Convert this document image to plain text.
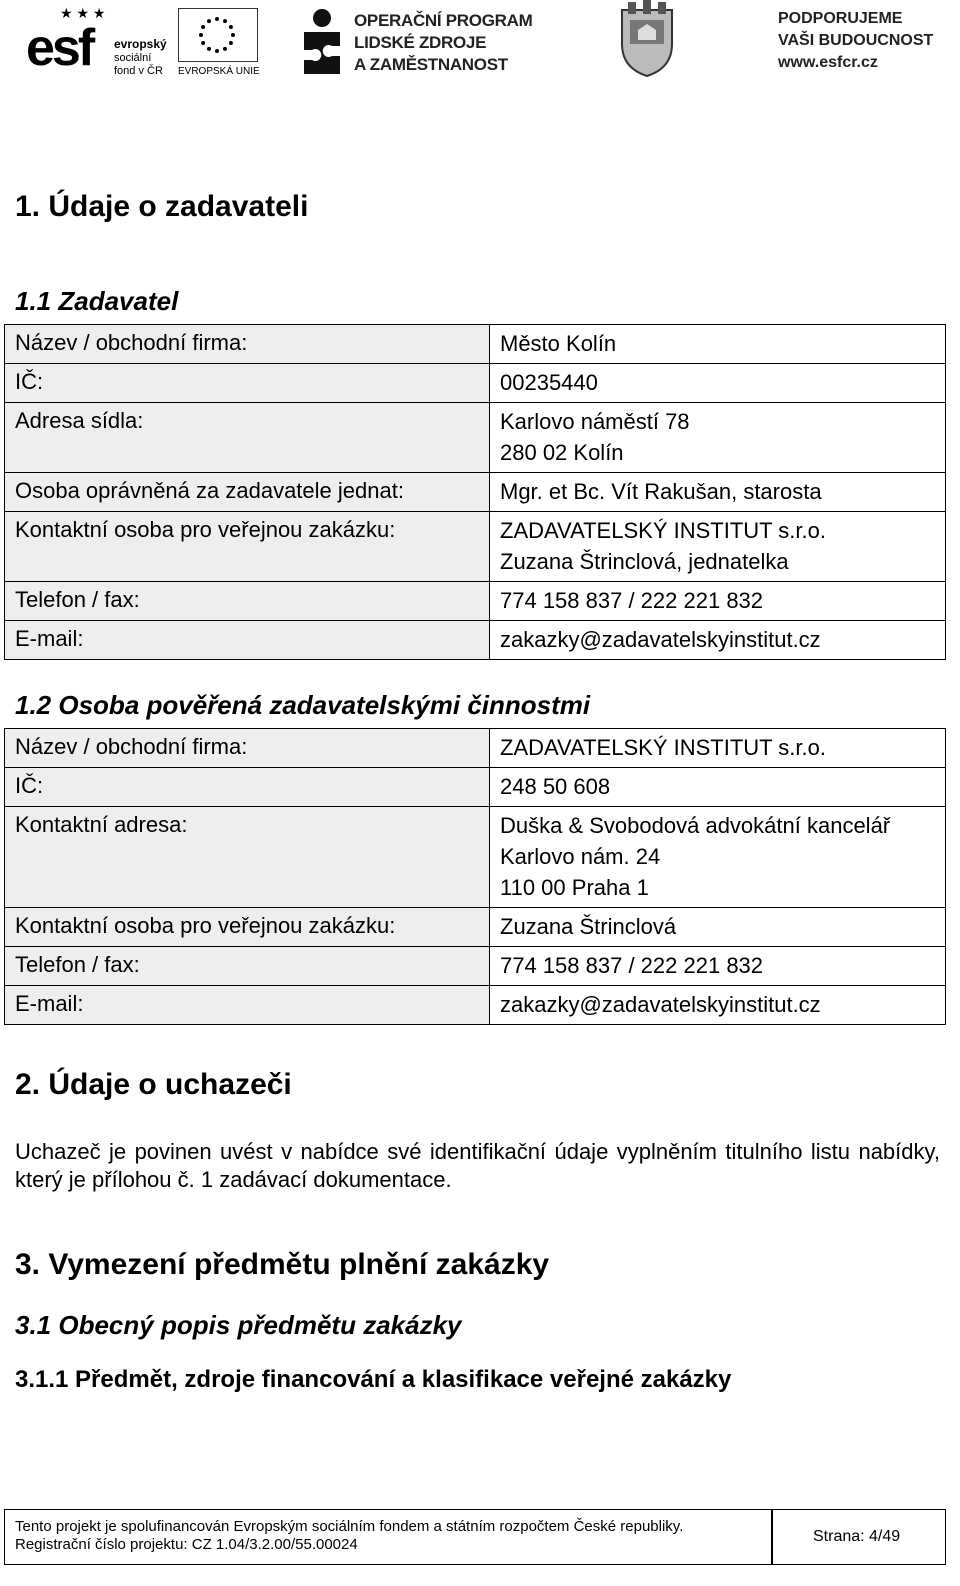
★ ★ ★
esf evropský
sociální
fond v ČR	EVROPSKÁ UNIE
OPERAČNÍ PROGRAM
LIDSKÉ ZDROJE
A ZAMĚSTNANOST
PODPORUJEME
VAŠI BUDOUCNOST
www.esfcr.cz
1. Údaje o zadavateli
1.1 Zadavatel
Název / obchodní firma:	Město Kolín

IČ:	00235440

Adresa sídla:	Karlovo náměstí 78
280 02 Kolín

Osoba oprávněná za zadavatele jednat:	Mgr. et Bc. Vít Rakušan, starosta

Kontaktní osoba pro veřejnou zakázku:	ZADAVATELSKÝ INSTITUT s.r.o.
Zuzana Štrinclová, jednatelka

Telefon / fax:	774 158 837 / 222 221 832

E-mail:	zakazky@zadavatelskyinstitut.cz
1.2 Osoba pověřená zadavatelskými činnostmi
Název / obchodní firma:	ZADAVATELSKÝ INSTITUT s.r.o.

IČ:	248 50 608

Kontaktní adresa:	Duška & Svobodová advokátní kancelář
Karlovo nám. 24
110 00 Praha 1

Kontaktní osoba pro veřejnou zakázku:	Zuzana Štrinclová

Telefon / fax:	774 158 837 / 222 221 832

E-mail:	zakazky@zadavatelskyinstitut.cz
2. Údaje o uchazeči
Uchazeč je povinen uvést v nabídce své identifikační údaje vyplněním titulního listu nabídky, který je přílohou č. 1 zadávací dokumentace.
3. Vymezení předmětu plnění zakázky
3.1 Obecný popis předmětu zakázky
3.1.1 Předmět, zdroje financování a klasifikace veřejné zakázky
Tento projekt je spolufinancován Evropským sociálním fondem a státním rozpočtem České republiky.
Registrační číslo projektu: CZ 1.04/3.2.00/55.00024	Strana: 4/49
